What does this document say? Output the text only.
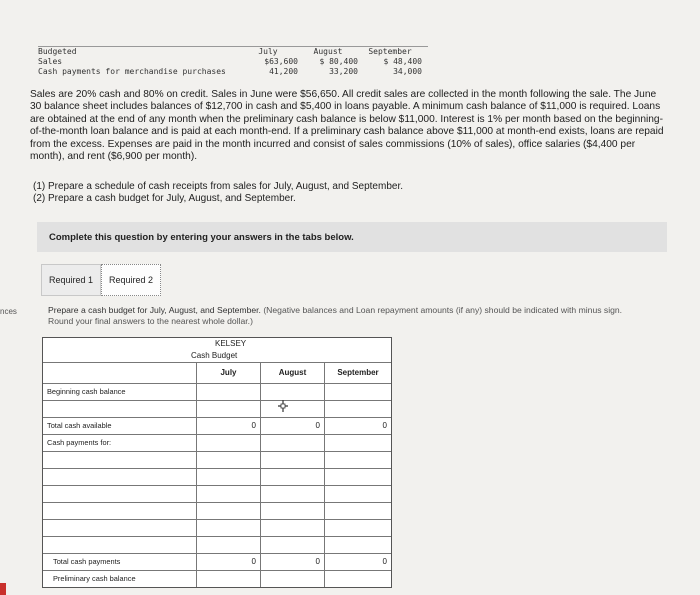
Budgeted	July	August	September
Sales	$63,600	$ 80,400	$ 48,400
Cash payments for merchandise purchases	41,200	33,200	34,000
Sales are 20% cash and 80% on credit. Sales in June were $56,650. All credit sales are collected in the month following the sale. The June 30 balance sheet includes balances of $12,700 in cash and $5,400 in loans payable. A minimum cash balance of $11,000 is required. Loans are obtained at the end of any month when the preliminary cash balance is below $11,000. Interest is 1% per month based on the beginning-of-the-month loan balance and is paid at each month-end. If a preliminary cash balance above $11,000 at month-end exists, loans are repaid from the excess. Expenses are paid in the month incurred and consist of sales commissions (10% of sales), office salaries ($4,400 per month), and rent ($6,900 per month).
(1) Prepare a schedule of cash receipts from sales for July, August, and September.
(2) Prepare a cash budget for July, August, and September.
Complete this question by entering your answers in the tabs below.
Required 1	Required 2
nces	Prepare a cash budget for July, August, and September. (Negative balances and Loan repayment amounts (if any) should be indicated with minus sign. Round your final answers to the nearest whole dollar.)
KELSEY
Cash Budget
July	August	September
Beginning cash balance
Total cash available	0	0	0
Cash payments for:
Total cash payments	0	0	0
Preliminary cash balance
